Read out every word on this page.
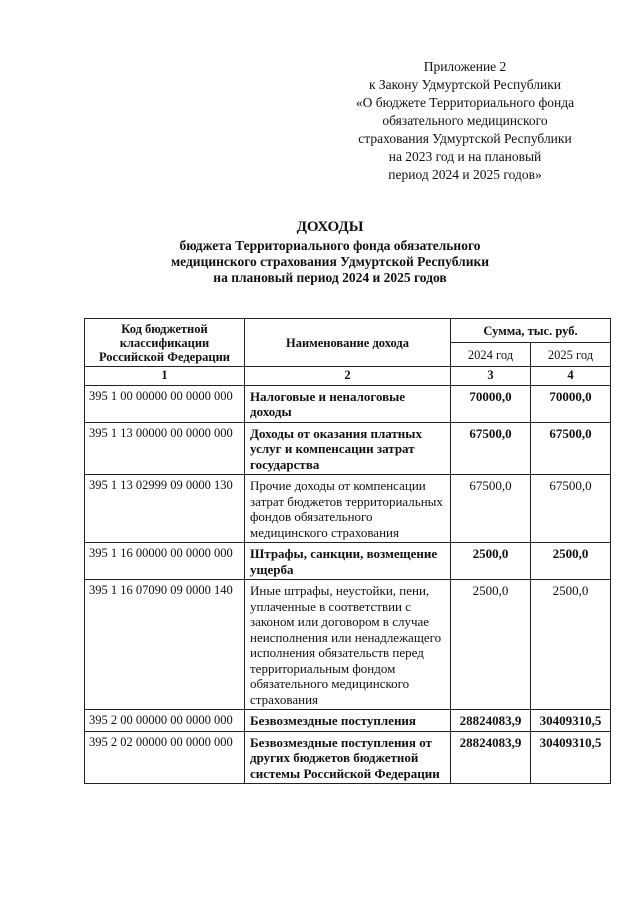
Приложение 2
к Закону Удмуртской Республики
«О бюджете Территориального фонда
обязательного медицинского
страхования Удмуртской Республики
на 2023 год и на плановый
период 2024 и 2025 годов»
ДОХОДЫ
бюджета Территориального фонда обязательного
медицинского страхования Удмуртской Республики
на плановый период 2024 и 2025 годов
Код бюджетной классификации Российской Федерации	Наименование дохода	Сумма, тыс. руб.	
		2024 год	2025 год
1	2	3	4
395 1 00 00000 00 0000 000	Налоговые и неналоговые доходы	70000,0	70000,0
395 1 13 00000 00 0000 000	Доходы от оказания платных услуг и компенсации затрат государства	67500,0	67500,0
395 1 13 02999 09 0000 130	Прочие доходы от компенсации затрат бюджетов территориальных фондов обязательного медицинского страхования	67500,0	67500,0
395 1 16 00000 00 0000 000	Штрафы, санкции, возмещение ущерба	2500,0	2500,0
395 1 16 07090 09 0000 140	Иные штрафы, неустойки, пени, уплаченные в соответствии с законом или договором в случае неисполнения или ненадлежащего исполнения обязательств перед территориальным фондом обязательного медицинского страхования	2500,0	2500,0
395 2 00 00000 00 0000 000	Безвозмездные поступления	28824083,9	30409310,5
395 2 02 00000 00 0000 000	Безвозмездные поступления от других бюджетов бюджетной системы Российской Федерации	28824083,9	30409310,5
